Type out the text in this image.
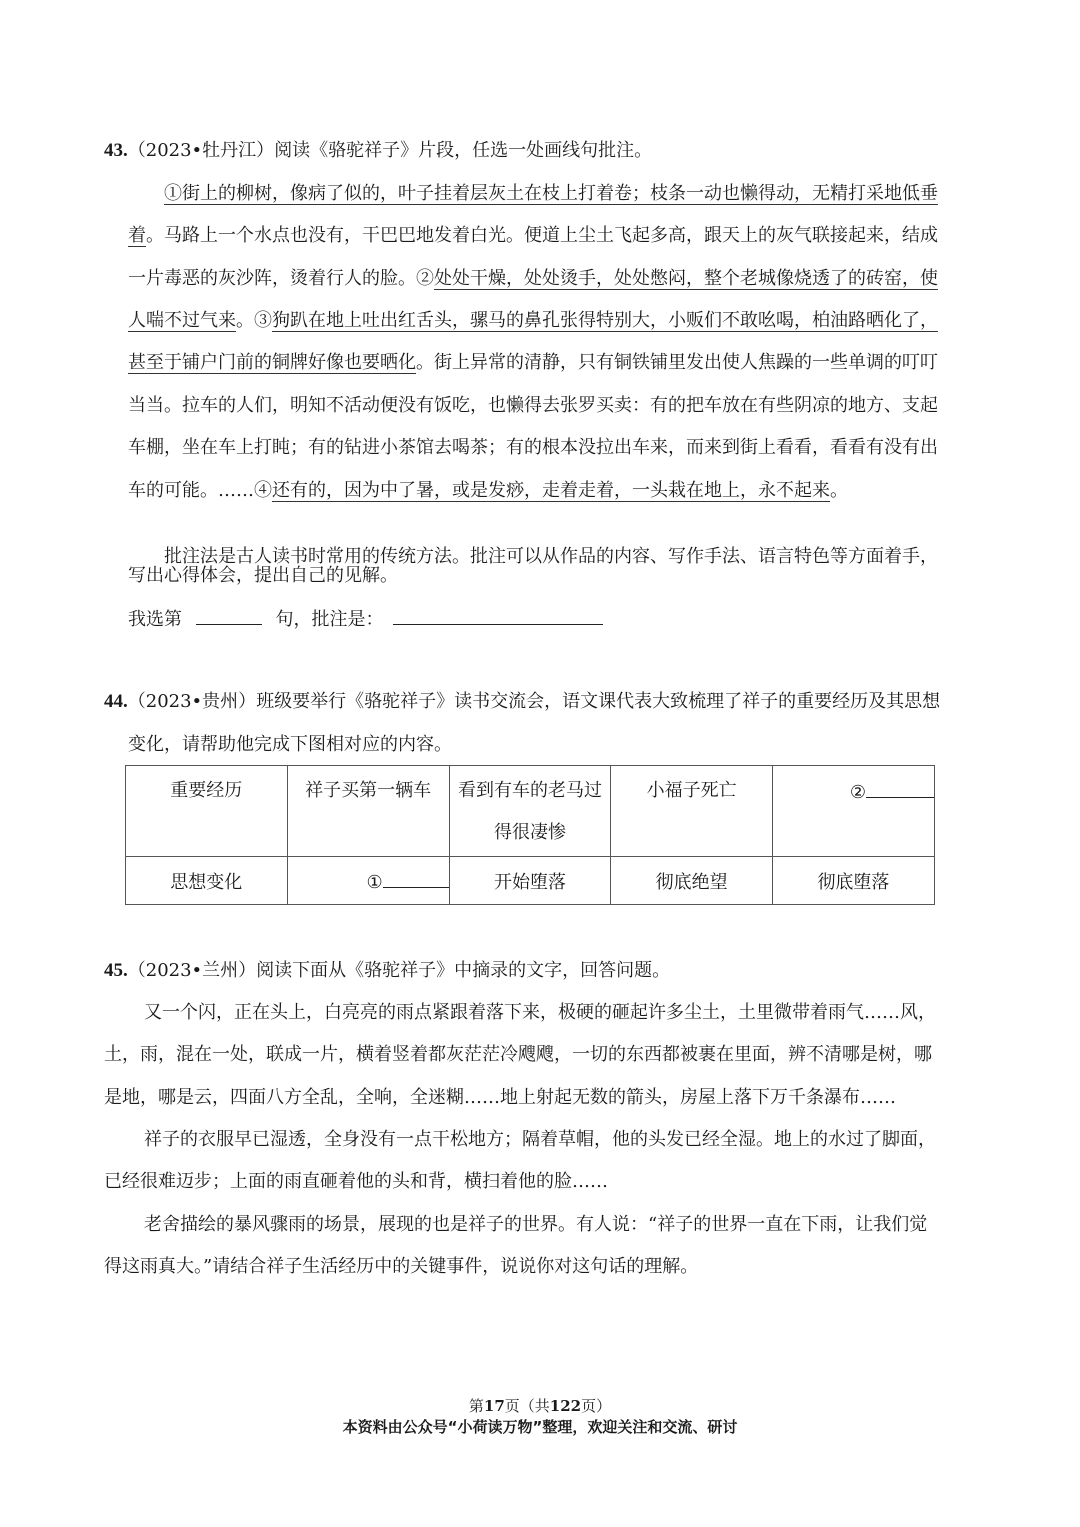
43.（2023•牡丹江）阅读《骆驼祥子》片段，任选一处画线句批注。
①街上的柳树，像病了似的，叶子挂着层灰土在枝上打着卷；枝条一动也懒得动，无精打采地低垂
着。马路上一个水点也没有，干巴巴地发着白光。便道上尘土飞起多高，跟天上的灰气联接起来，结成
一片毒恶的灰沙阵，烫着行人的脸。②处处干燥，处处烫手，处处憋闷，整个老城像烧透了的砖窑，使
人喘不过气来。③狗趴在地上吐出红舌头，骡马的鼻孔张得特别大，小贩们不敢吆喝，柏油路晒化了，
甚至于铺户门前的铜牌好像也要晒化。街上异常的清静，只有铜铁铺里发出使人焦躁的一些单调的叮叮
当当。拉车的人们，明知不活动便没有饭吃，也懒得去张罗买卖：有的把车放在有些阴凉的地方、支起
车棚，坐在车上打盹；有的钻进小茶馆去喝茶；有的根本没拉出车来，而来到街上看看，看看有没有出
车的可能。……④还有的，因为中了暑，或是发痧，走着走着，一头栽在地上，永不起来。
批注法是古人读书时常用的传统方法。批注可以从作品的内容、写作手法、语言特色等方面着手，
写出心得体会，提出自己的见解。
我选第	句，批注是：
44.（2023•贵州）班级要举行《骆驼祥子》读书交流会，语文课代表大致梳理了祥子的重要经历及其思想
变化，请帮助他完成下图相对应的内容。
重要经历	祥子买第一辆车	看到有车的老马过
得很凄惨	小福子死亡	②

思想变化	①	开始堕落	彻底绝望	彻底堕落
45.（2023•兰州）阅读下面从《骆驼祥子》中摘录的文字，回答问题。
又一个闪，正在头上，白亮亮的雨点紧跟着落下来，极硬的砸起许多尘土，土里微带着雨气……风，
土，雨，混在一处，联成一片，横着竖着都灰茫茫冷飕飕，一切的东西都被裹在里面，辨不清哪是树，哪
是地，哪是云，四面八方全乱，全响，全迷糊……地上射起无数的箭头，房屋上落下万千条瀑布……
祥子的衣服早已湿透，全身没有一点干松地方；隔着草帽，他的头发已经全湿。地上的水过了脚面，
已经很难迈步；上面的雨直砸着他的头和背，横扫着他的脸……
老舍描绘的暴风骤雨的场景，展现的也是祥子的世界。有人说：“祥子的世界一直在下雨，让我们觉
得这雨真大。”请结合祥子生活经历中的关键事件，说说你对这句话的理解。
第17页（共122页）
本资料由公众号“小荷读万物”整理，欢迎关注和交流、研讨
